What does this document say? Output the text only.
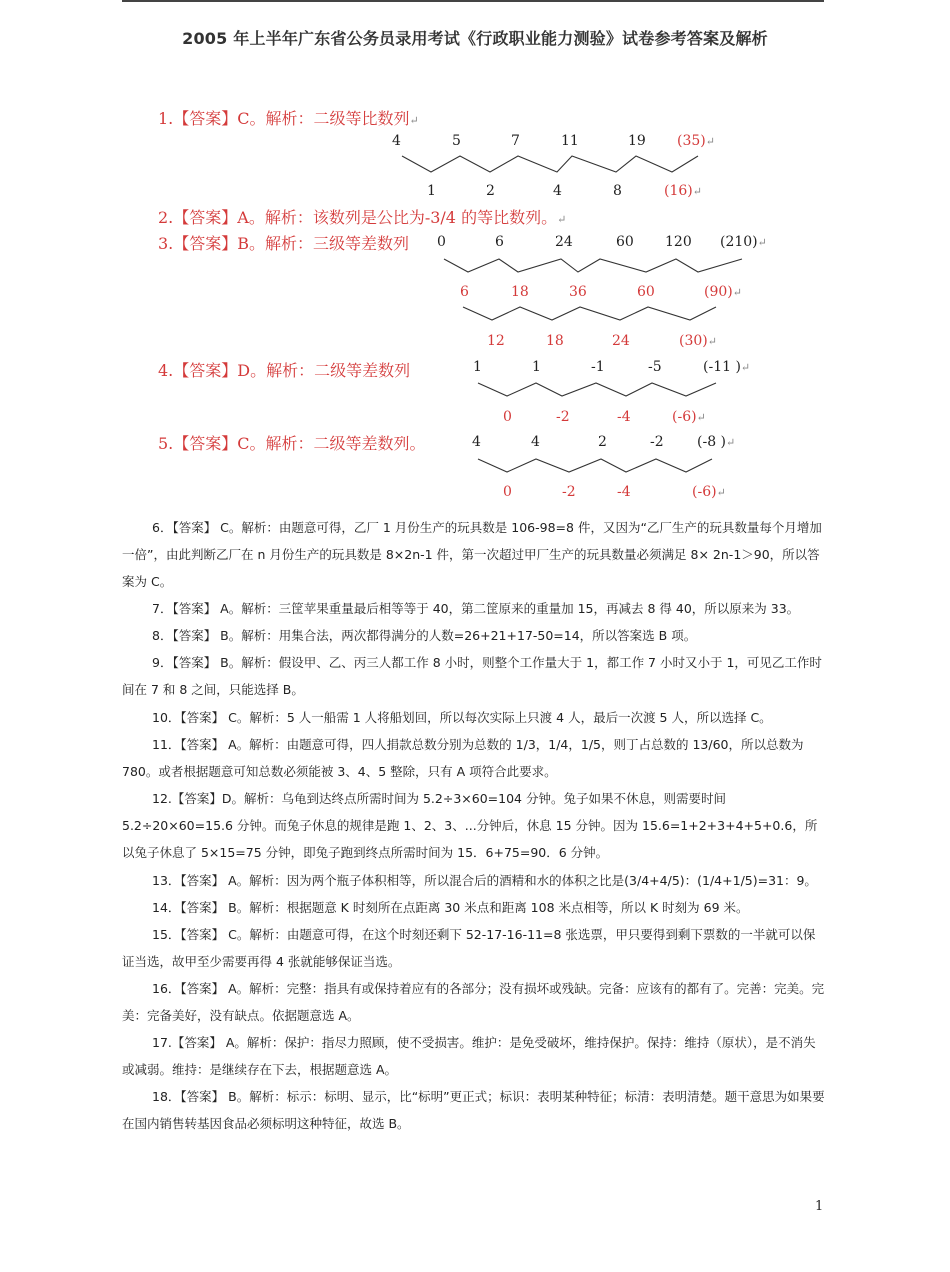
2005 年上半年广东省公务员录用考试《行政职业能力测验》试卷参考答案及解析
1.【答案】C。解析：二级等比数列↵
4	5	7	11	19 (35)↵
1	2	4	8	(16)↵
2.【答案】A。解析：该数列是公比为-3/4 的等比数列。↵
3.【答案】B。解析：三级等差数列 0	6	24	60 120 (210)↵
6	18	36	60	(90)↵
12	18	24	(30)↵
4.【答案】D。解析：二级等差数列	1	1	-1	-5	(-11 )↵
0	-2	-4	(-6)↵
5.【答案】C。解析：二级等差数列。	4	4	2	-2 (-8 )↵
0	-2	-4	(-6)↵

6．【答案】 C。解析：由题意可得，乙厂 1 月份生产的玩具数是 106-98=8 件，又因为“乙厂生产的玩具数量每个月增加一倍”，由此判断乙厂在 n 月份生产的玩具数是 8×2n-1 件，第一次超过甲厂生产的玩具数量必须满足 8× 2n-1＞90，所以答案为 C。

7．【答案】 A。解析：三筐苹果重量最后相等等于 40，第二筐原来的重量加 15，再减去 8 得 40，所以原来为 33。

8．【答案】 B。解析：用集合法，两次都得满分的人数=26+21+17-50=14，所以答案选 B 项。

9．【答案】 B。解析：假设甲、乙、丙三人都工作 8 小时，则整个工作量大于 1，都工作 7 小时又小于 1，可见乙工作时间在 7 和 8 之间，只能选择 B。

10．【答案】 C。解析：5 人一船需 1 人将船划回，所以每次实际上只渡 4 人，最后一次渡 5 人，所以选择 C。

11．【答案】 A。解析：由题意可得，四人捐款总数分别为总数的 1/3，1/4，1/5，则丁占总数的 13/60，所以总数为 780。或者根据题意可知总数必须能被 3、4、5 整除，只有 A 项符合此要求。

12.【答案】D。解析：乌龟到达终点所需时间为 5.2÷3×60=104 分钟。兔子如果不休息，则需要时间 5.2÷20×60=15.6 分钟。而兔子休息的规律是跑 1、2、3、...分钟后，休息 15 分钟。因为 15.6=1+2+3+4+5+0.6，所以兔子休息了 5×15=75 分钟，即兔子跑到终点所需时间为 15．6+75=90．6 分钟。

13．【答案】 A。解析：因为两个瓶子体积相等，所以混合后的酒精和水的体积之比是(3/4+4/5)：(1/4+1/5)=31：9。

14．【答案】 B。解析：根据题意 K 时刻所在点距离 30 米点和距离 108 米点相等，所以 K 时刻为 69 米。

15．【答案】 C。解析：由题意可得，在这个时刻还剩下 52-17-16-11=8 张选票，甲只要得到剩下票数的一半就可以保证当选，故甲至少需要再得 4 张就能够保证当选。

16．【答案】 A。解析：完整：指具有或保持着应有的各部分；没有损坏或残缺。完备：应该有的都有了。完善：完美。完美：完备美好，没有缺点。依据题意选 A。

17.【答案】 A。解析：保护：指尽力照顾，使不受损害。维护：是免受破坏，维持保护。保持：维持（原状），是不消失或减弱。维持：是继续存在下去，根据题意选 A。

18．【答案】 B。解析：标示：标明、显示，比“标明”更正式；标识：表明某种特征；标清：表明清楚。题干意思为如果要在国内销售转基因食品必须标明这种特征，故选 B。

1
